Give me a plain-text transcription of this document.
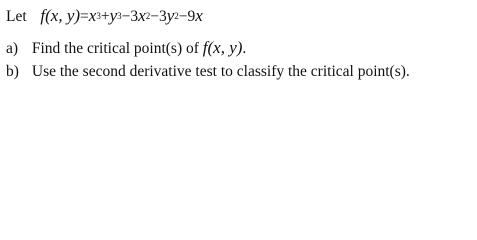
Let f(x, $y)=x^3+y^3-3x^2-3y^2-9x$
a) Find the critical point(s) of f(x, y).
b) Use the second derivative test to classify the critical point(s).
